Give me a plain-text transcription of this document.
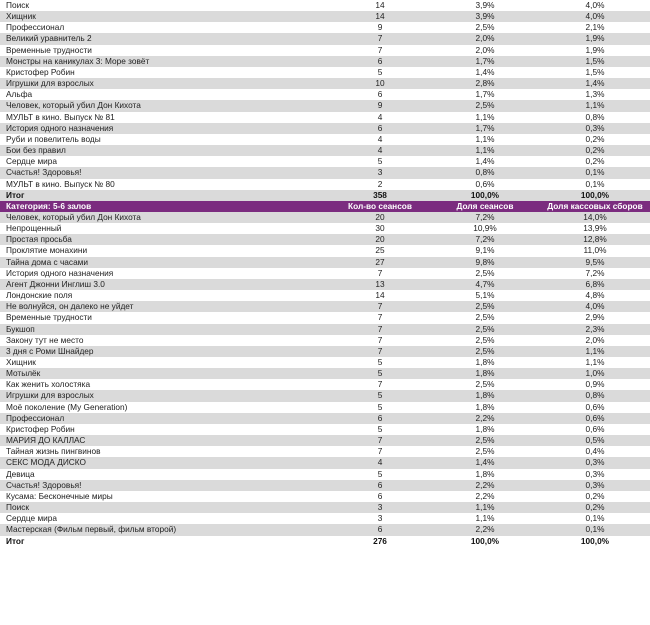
Поиск	14	3,9%	4,0%
Хищник	14	3,9%	4,0%
Профессионал	9	2,5%	2,1%
Великий уравнитель 2	7	2,0%	1,9%
Временные трудности	7	2,0%	1,9%
Монстры на каникулах 3: Море зовёт	6	1,7%	1,5%
Кристофер Робин	5	1,4%	1,5%
Игрушки для взрослых	10	2,8%	1,4%
Альфа	6	1,7%	1,3%
Человек, который убил Дон Кихота	9	2,5%	1,1%
МУЛЬТ в кино. Выпуск № 81	4	1,1%	0,8%
История одного назначения	6	1,7%	0,3%
Руби и повелитель воды	4	1,1%	0,2%
Бои без правил	4	1,1%	0,2%
Сердце мира	5	1,4%	0,2%
Счастья! Здоровья!	3	0,8%	0,1%
МУЛЬТ в кино. Выпуск № 80	2	0,6%	0,1%
Итог	358	100,0%	100,0%
Категория: 5-6 залов	Кол-во сеансов	Доля сеансов	Доля кассовых сборов
Человек, который убил Дон Кихота	20	7,2%	14,0%
Непрощенный	30	10,9%	13,9%
Простая просьба	20	7,2%	12,8%
Проклятие монахини	25	9,1%	11,0%
Тайна дома с часами	27	9,8%	9,5%
История одного назначения	7	2,5%	7,2%
Агент Джонни Инглиш 3.0	13	4,7%	6,8%
Лондонские поля	14	5,1%	4,8%
Не волнуйся, он далеко не уйдет	7	2,5%	4,0%
Временные трудности	7	2,5%	2,9%
Букшоп	7	2,5%	2,3%
Закону тут не место	7	2,5%	2,0%
3 дня с Роми Шнайдер	7	2,5%	1,1%
Хищник	5	1,8%	1,1%
Мотылёк	5	1,8%	1,0%
Как женить холостяка	7	2,5%	0,9%
Игрушки для взрослых	5	1,8%	0,8%
Моё поколение (My Generation)	5	1,8%	0,6%
Профессионал	6	2,2%	0,6%
Кристофер Робин	5	1,8%	0,6%
МАРИЯ ДО КАЛЛАС	7	2,5%	0,5%
Тайная жизнь пингвинов	7	2,5%	0,4%
СЕКС МОДА ДИСКО	4	1,4%	0,3%
Девица	5	1,8%	0,3%
Счастья! Здоровья!	6	2,2%	0,3%
Кусама: Бесконечные миры	6	2,2%	0,2%
Поиск	3	1,1%	0,2%
Сердце мира	3	1,1%	0,1%
Мастерская (Фильм первый, фильм второй)	6	2,2%	0,1%
Итог	276	100,0%	100,0%
